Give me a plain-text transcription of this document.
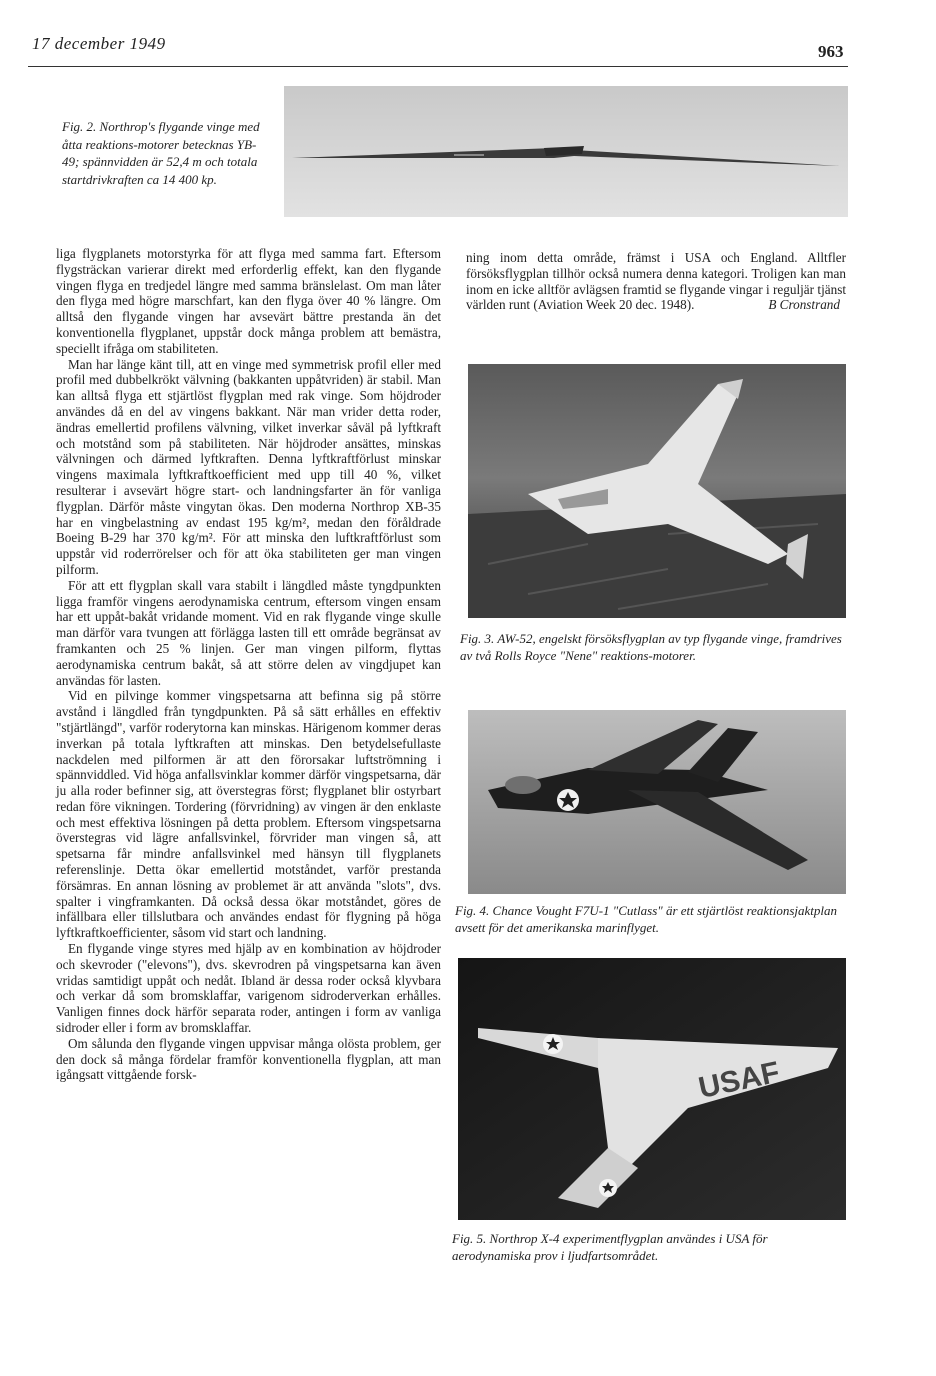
17 december 1949	963
Fig. 2. Northrop's flygande vinge med åtta reaktions-motorer betecknas YB-49; spännvidden är 52,4 m och totala startdrivkraften ca 14 400 kp.

liga flygplanets motorstyrka för att flyga med samma fart. Eftersom flygsträckan varierar direkt med erforderlig effekt, kan den flygande vingen flyga en tredjedel längre med samma bränslelast. Om man låter den flyga med högre marschfart, kan den flyga över 40 % längre. Om alltså den flygande vingen har avsevärt bättre prestanda än det konventionella flygplanet, uppstår dock många problem att bemästra, speciellt ifråga om stabiliteten.

Man har länge känt till, att en vinge med symmetrisk profil eller med profil med dubbelkrökt välvning (bakkanten uppåtvriden) är stabil. Man kan alltså flyga ett stjärtlöst flygplan med rak vinge. Som höjdroder användes då en del av vingens bakkant. När man vrider detta roder, ändras emellertid profilens välvning, vilket inverkar såväl på lyftkraft och motstånd som på stabiliteten. När höjdroder ansättes, minskas välvningen och därmed lyftkraften. Denna lyftkraftförlust minskar vingens maximala lyftkraftkoefficient med upp till 40 %, vilket resulterar i avsevärt högre start- och landningsfarter än för vanliga flygplan. Därför måste vingytan ökas. Den moderna Northrop XB-35 har en vingbelastning av endast 195 kg/m², medan den föråldrade Boeing B-29 har 370 kg/m². För att minska den luftkraftförlust som uppstår vid roderrörelser och för att öka stabiliteten ger man vingen pilform.

För att ett flygplan skall vara stabilt i längdled måste tyngdpunkten ligga framför vingens aerodynamiska centrum, eftersom vingen ensam har ett uppåt-bakåt vridande moment. Vid en rak flygande vinge skulle man därför vara tvungen att förlägga lasten till ett område begränsat av framkanten och 25 % linjen. Ger man vingen pilform, flyttas aerodynamiska centrum bakåt, så att större delen av vingdjupet kan användas för lasten.

Vid en pilvinge kommer vingspetsarna att befinna sig på större avstånd i längdled från tyngdpunkten. På så sätt erhålles en effektiv "stjärtlängd", varför roderytorna kan minskas. Härigenom kommer deras inverkan på totala lyftkraften att minskas. Den betydelsefullaste nackdelen med pilformen är att den förorsakar luftströmning i spännviddled. Vid höga anfallsvinklar kommer därför vingspetsarna, där ju alla roder befinner sig, att överstegras först; flygplanet blir ostyrbart redan före vikningen. Tordering (förvridning) av vingen är den enklaste och mest effektiva lösningen på detta problem. Eftersom vingspetsarna överstegras vid lägre anfallsvinkel, förvrider man vingen så, att spetsarna får mindre anfallsvinkel med hänsyn till flygplanets referenslinje. Detta ökar emellertid motståndet, varför prestanda försämras. En annan lösning av problemet är att använda "slots", dvs. spalter i vingframkanten. Då också dessa ökar motståndet, göres de infällbara eller tillslutbara och användes endast för flygning på höga lyftkraftkoefficienter, såsom vid start och landning.

En flygande vinge styres med hjälp av en kombination av höjdroder och skevroder ("elevons"), dvs. skevrodren på vingspetsarna kan även vridas samtidigt uppåt och nedåt. Ibland är dessa roder också klyvbara och verkar då som bromsklaffar, varigenom sidroderverkan erhålles. Vanligen finnes dock härför separata roder, antingen i form av vanliga sidroder eller i form av bromsklaffar.

Om sålunda den flygande vingen uppvisar många olösta problem, ger den dock så många fördelar framför konventionella flygplan, att man igångsatt vittgående forsk-

ning inom detta område, främst i USA och England. Alltfler försöksflygplan tillhör också numera denna kategori. Troligen kan man inom en icke alltför avlägsen framtid se flygande vingar i reguljär tjänst världen runt (Aviation Week 20 dec. 1948).	B Cronstrand
Fig. 3. AW-52, engelskt försöksflygplan av typ flygande vinge, framdrives av två Rolls Royce "Nene" reaktions-motorer.
Fig. 4. Chance Vought F7U-1 "Cutlass" är ett stjärtlöst reaktionsjaktplan avsett för det amerikanska marinflyget.
USAF
Fig. 5. Northrop X-4 experimentflygplan användes i USA för aerodynamiska prov i ljudfartsområdet.
